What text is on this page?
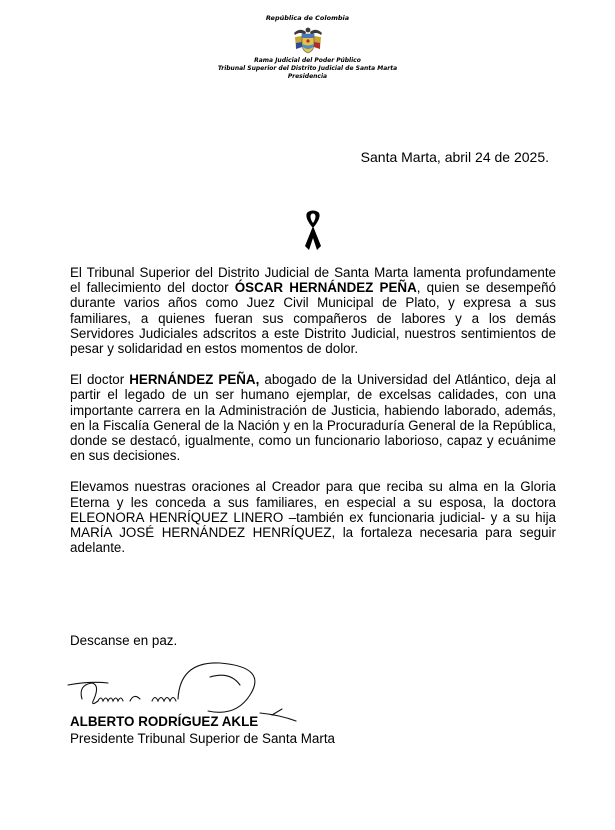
República de Colombia
Rama Judicial del Poder Público
Tribunal Superior del Distrito Judicial de Santa Marta
Presidencia
Santa Marta, abril 24 de 2025.

El Tribunal Superior del Distrito Judicial de Santa Marta lamenta profundamente el fallecimiento del doctor ÓSCAR HERNÁNDEZ PEÑA, quien se desempeñó durante varios años como Juez Civil Municipal de Plato, y expresa a sus familiares, a quienes fueran sus compañeros de labores y a los demás Servidores Judiciales adscritos a este Distrito Judicial, nuestros sentimientos de pesar y solidaridad en estos momentos de dolor.

El doctor HERNÁNDEZ PEÑA, abogado de la Universidad del Atlántico, deja al partir el legado de un ser humano ejemplar, de excelsas calidades, con una importante carrera en la Administración de Justicia, habiendo laborado, además, en la Fiscalía General de la Nación y en la Procuraduría General de la República, donde se destacó, igualmente, como un funcionario laborioso, capaz y ecuánime en sus decisiones.

Elevamos nuestras oraciones al Creador para que reciba su alma en la Gloria Eterna y les conceda a sus familiares, en especial a su esposa, la doctora ELEONORA HENRÍQUEZ LINERO –también ex funcionaria judicial- y a su hija MARÍA JOSÉ HERNÁNDEZ HENRÍQUEZ, la fortaleza necesaria para seguir adelante.

Descanse en paz.
ALBERTO RODRÍGUEZ AKLE
Presidente Tribunal Superior de Santa Marta
